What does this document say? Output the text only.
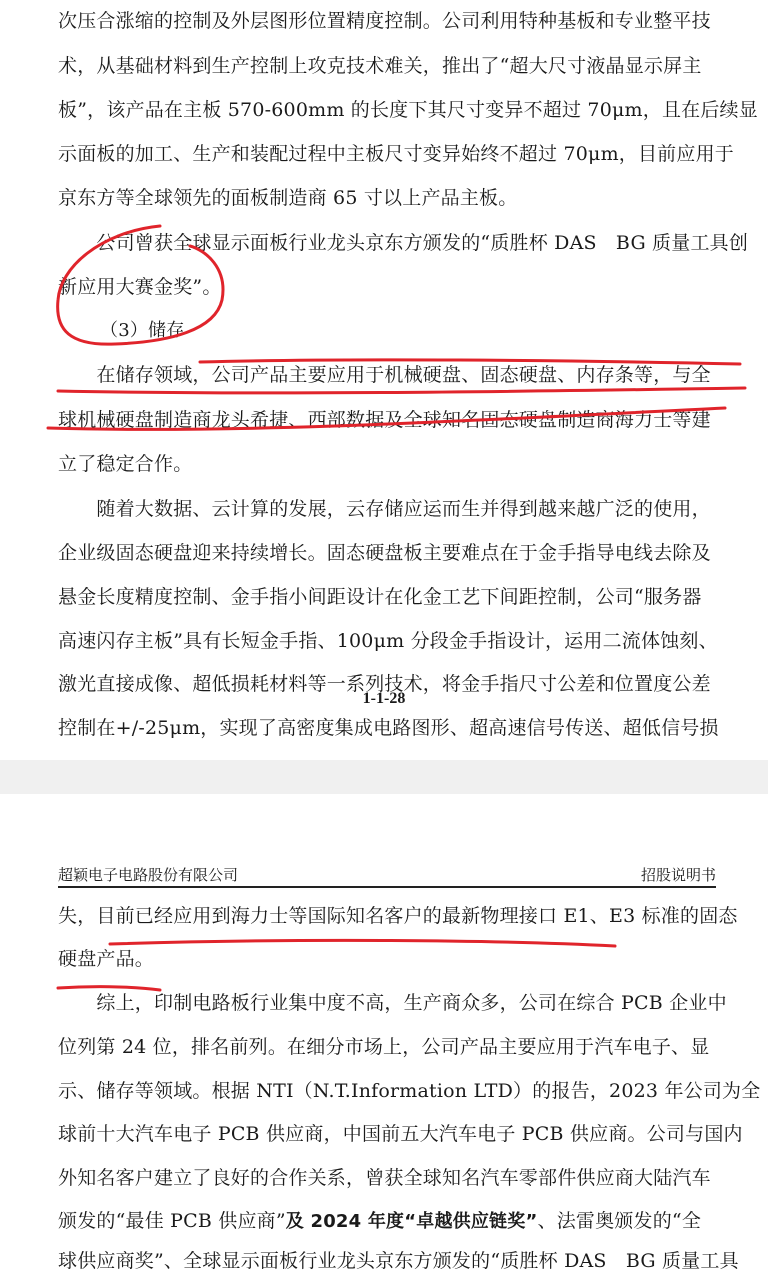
次压合涨缩的控制及外层图形位置精度控制。公司利用特种基板和专业整平技
术，从基础材料到生产控制上攻克技术难关，推出了“超大尺寸液晶显示屏主
板”，该产品在主板 570-600mm 的长度下其尺寸变异不超过 70μm，且在后续显
示面板的加工、生产和装配过程中主板尺寸变异始终不超过 70μm，目前应用于
京东方等全球领先的面板制造商 65 寸以上产品主板。
　　公司曾获全球显示面板行业龙头京东方颁发的“质胜杯 DAS　BG 质量工具创
新应用大赛金奖”。
（3）储存
　　在储存领域，公司产品主要应用于机械硬盘、固态硬盘、内存条等，与全
球机械硬盘制造商龙头希捷、西部数据及全球知名固态硬盘制造商海力士等建
立了稳定合作。
　　随着大数据、云计算的发展，云存储应运而生并得到越来越广泛的使用，
企业级固态硬盘迎来持续增长。固态硬盘板主要难点在于金手指导电线去除及
悬金长度精度控制、金手指小间距设计在化金工艺下间距控制，公司“服务器
高速闪存主板”具有长短金手指、100μm 分段金手指设计，运用二流体蚀刻、
激光直接成像、超低损耗材料等一系列技术，将金手指尺寸公差和位置度公差
控制在+/-25μm，实现了高密度集成电路图形、超高速信号传送、超低信号损
1-1-28
超颖电子电路股份有限公司	招股说明书
失，目前已经应用到海力士等国际知名客户的最新物理接口 E1、E3 标准的固态
硬盘产品。
　　综上，印制电路板行业集中度不高，生产商众多，公司在综合 PCB 企业中
位列第 24 位，排名前列。在细分市场上，公司产品主要应用于汽车电子、显
示、储存等领域。根据 NTI（N.T.Information LTD）的报告，2023 年公司为全
球前十大汽车电子 PCB 供应商，中国前五大汽车电子 PCB 供应商。公司与国内
外知名客户建立了良好的合作关系，曾获全球知名汽车零部件供应商大陆汽车
颁发的“最佳 PCB 供应商”及 2024 年度“卓越供应链奖”、法雷奥颁发的“全
球供应商奖”、全球显示面板行业龙头京东方颁发的“质胜杯 DAS　BG 质量工具
